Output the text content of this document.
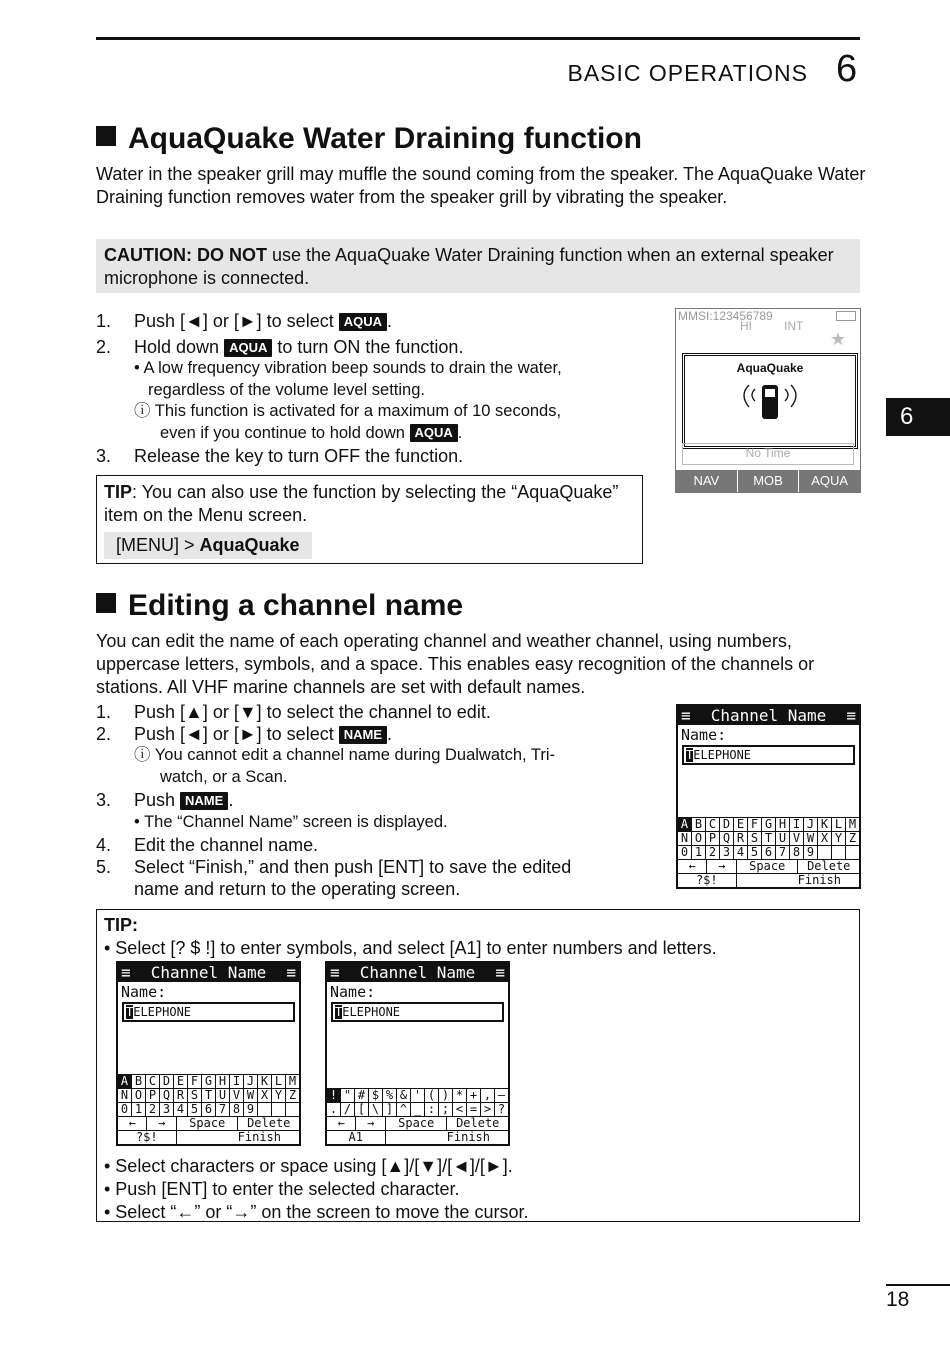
BASIC OPERATIONS 6
6
AquaQuake Water Draining function

Water in the speaker grill may muffle the sound coming from the speaker. The AquaQuake Water Draining function removes water from the speaker grill by vibrating the speaker.

CAUTION: DO NOT use the AquaQuake Water Draining function when an external speaker microphone is connected.
1. Push [◄] or [►] to select AQUA .
2. Hold down AQUA to turn ON the function.
• A low frequency vibration beep sounds to drain the water,
regardless of the volume level setting.
ⓘ This function is activated for a maximum of 10 seconds,
even if you continue to hold down AQUA .
3. Release the key to turn OFF the function.
TIP: You can also use the function by selecting the “AquaQuake” item on the Menu screen.
[MENU] > AquaQuake
MMSI:123456789
HI	INT
★
AquaQuake
No Time
NAV	MOB	AQUA
Editing a channel name

You can edit the name of each operating channel and weather channel, using numbers, uppercase letters, symbols, and a space. This enables easy recognition of the channels or stations. All VHF marine channels are set with default names.

1. Push [▲] or [▼] to select the channel to edit.
2. Push [◄] or [►] to select NAME .
ⓘ You cannot edit a channel name during Dualwatch, Tri-
watch, or a Scan.
3. Push NAME .
• The “Channel Name” screen is displayed.
4. Edit the channel name.
5. Select “Finish,” and then push [ENT] to save the edited
name and return to the operating screen.
≡ Channel Name ≡
Name:
TELEPHONE
A B C D E F G H I J K L M
N O P Q R S T U V W X Y Z
0 1 2 3 4 5 6 7 8 9
←	→	Space	Delete
?$!	Finish
TIP:
• Select [? $ !] to enter symbols, and select [A1] to enter numbers and letters.
• Select characters or space using [▲]/[▼]/[◄]/[►].
• Push [ENT] to enter the selected character.
• Select “←” or “→” on the screen to move the cursor.
≡ Channel Name ≡
Name:
TELEPHONE
A B C D E F G H I J K L M
N O P Q R S T U V W X Y Z
0 1 2 3 4 5 6 7 8 9
←	→	Space	Delete
?$!	Finish
≡ Channel Name ≡
Name:
TELEPHONE
! " # $ % & ' ( ) * + , –
. / [ \ ] ^ _ : ; < = > ?
←	→	Space	Delete
A1	Finish
18
